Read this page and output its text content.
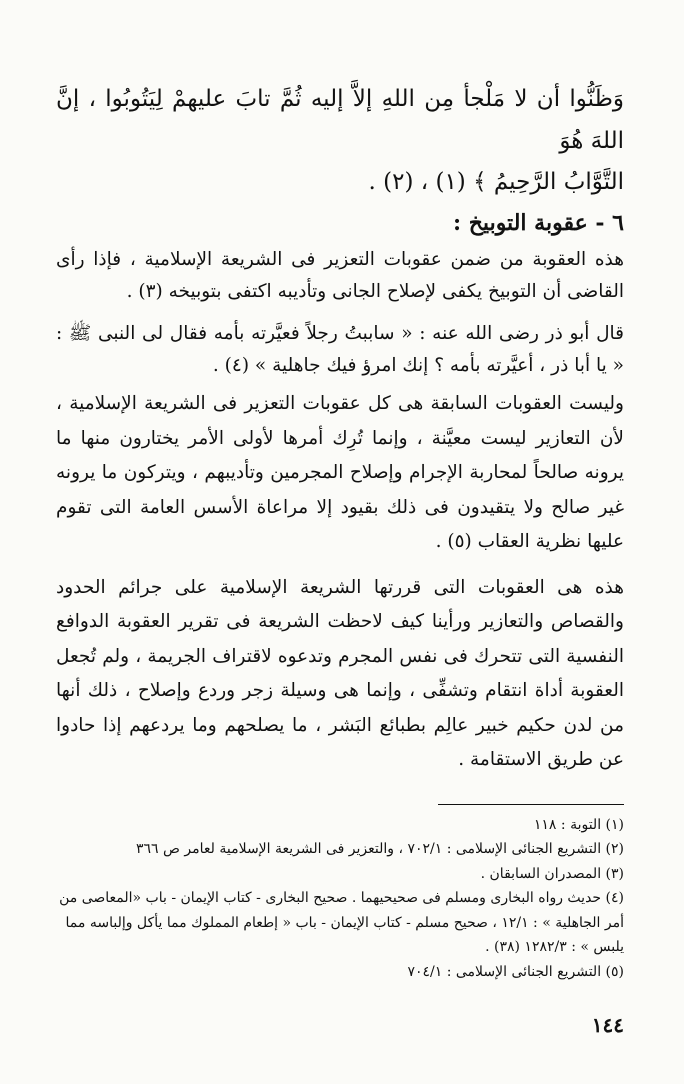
وَظَنُّوا أن لا مَلْجأ مِن اللهِ إلاَّ إليه ثُمَّ تابَ عليهمْ لِيَتُوبُوا ، إنَّ اللهَ هُوَ
التَّوَّابُ الرَّحِيمُ ﴾ (١) ، (٢) .
٦ - عقوبة التوبيخ :

هذه العقوبة من ضمن عقوبات التعزير فى الشريعة الإسلامية ، فإذا رأى القاضى أن التوبيخ يكفى لإصلاح الجانى وتأديبه اكتفى بتوبيخه (٣) .

قال أبو ذر رضى الله عنه : « ساببتُ رجلاً فعيَّرته بأمه فقال لى النبى ﷺ : « يا أبا ذر ، أعيَّرته بأمه ؟ إنك امرؤ فيك جاهلية » (٤) .

وليست العقوبات السابقة هى كل عقوبات التعزير فى الشريعة الإسلامية ، لأن التعازير ليست معيَّنة ، وإنما تُرِك أمرها لأولى الأمر يختارون منها ما يرونه صالحاً لمحاربة الإجرام وإصلاح المجرمين وتأديبهم ، ويتركون ما يرونه غير صالح ولا يتقيدون فى ذلك بقيود إلا مراعاة الأسس العامة التى تقوم عليها نظرية العقاب (٥) .

هذه هى العقوبات التى قررتها الشريعة الإسلامية على جرائم الحدود والقصاص والتعازير ورأينا كيف لاحظت الشريعة فى تقرير العقوبة الدوافع النفسية التى تتحرك فى نفس المجرم وتدعوه لاقتراف الجريمة ، ولم تُجعل العقوبة أداة انتقام وتشفِّى ، وإنما هى وسيلة زجر وردع وإصلاح ، ذلك أنها من لدن حكيم خبير عالِم بطبائع البَشر ، ما يصلحهم وما يردعهم إذا حادوا عن طريق الاستقامة .

(١) التوبة : ١١٨
(٢) التشريع الجنائى الإسلامى : ٧٠٢/١ ، والتعزير فى الشريعة الإسلامية لعامر ص ٣٦٦
(٣) المصدران السابقان .
(٤) حديث رواه البخارى ومسلم فى صحيحيهما . صحيح البخارى - كتاب الإيمان - باب «المعاصى من أمر الجاهلية » : ١٢/١ ، صحيح مسلم - كتاب الإيمان - باب « إطعام المملوك مما يأكل وإلباسه مما يلبس » : ١٢٨٢/٣ (٣٨) .
(٥) التشريع الجنائى الإسلامى : ٧٠٤/١
١٤٤
